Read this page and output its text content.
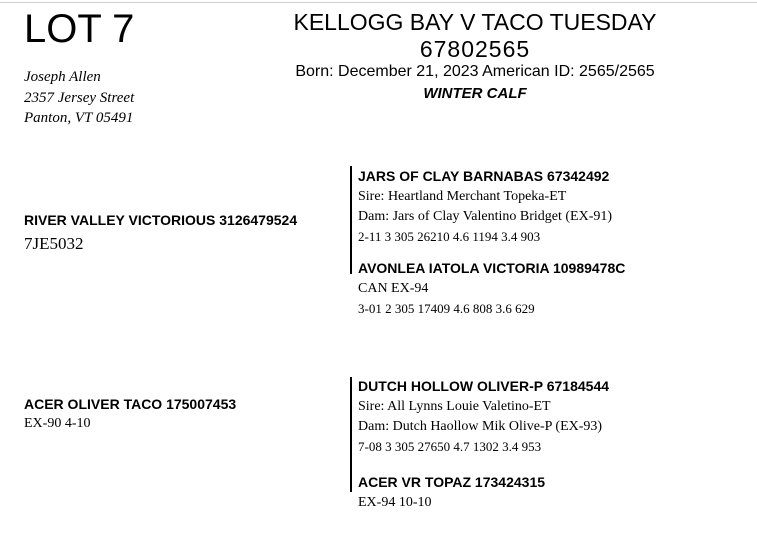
LOT 7	KELLOGG BAY V TACO TUESDAY
67802565
Born: December 21, 2023 American ID: 2565/2565
WINTER CALF
Joseph Allen
2357 Jersey Street
Panton, VT 05491
RIVER VALLEY VICTORIOUS 3126479524
7JE5032
JARS OF CLAY BARNABAS 67342492
Sire: Heartland Merchant Topeka-ET
Dam: Jars of Clay Valentino Bridget (EX-91)
2-11 3 305 26210 4.6 1194 3.4 903
AVONLEA IATOLA VICTORIA 10989478C
CAN EX-94
3-01 2 305 17409 4.6 808 3.6 629
ACER OLIVER TACO 175007453
EX-90 4-10
DUTCH HOLLOW OLIVER-P 67184544
Sire: All Lynns Louie Valetino-ET
Dam: Dutch Haollow Mik Olive-P (EX-93)
7-08 3 305 27650 4.7 1302 3.4 953
ACER VR TOPAZ 173424315
EX-94 10-10
